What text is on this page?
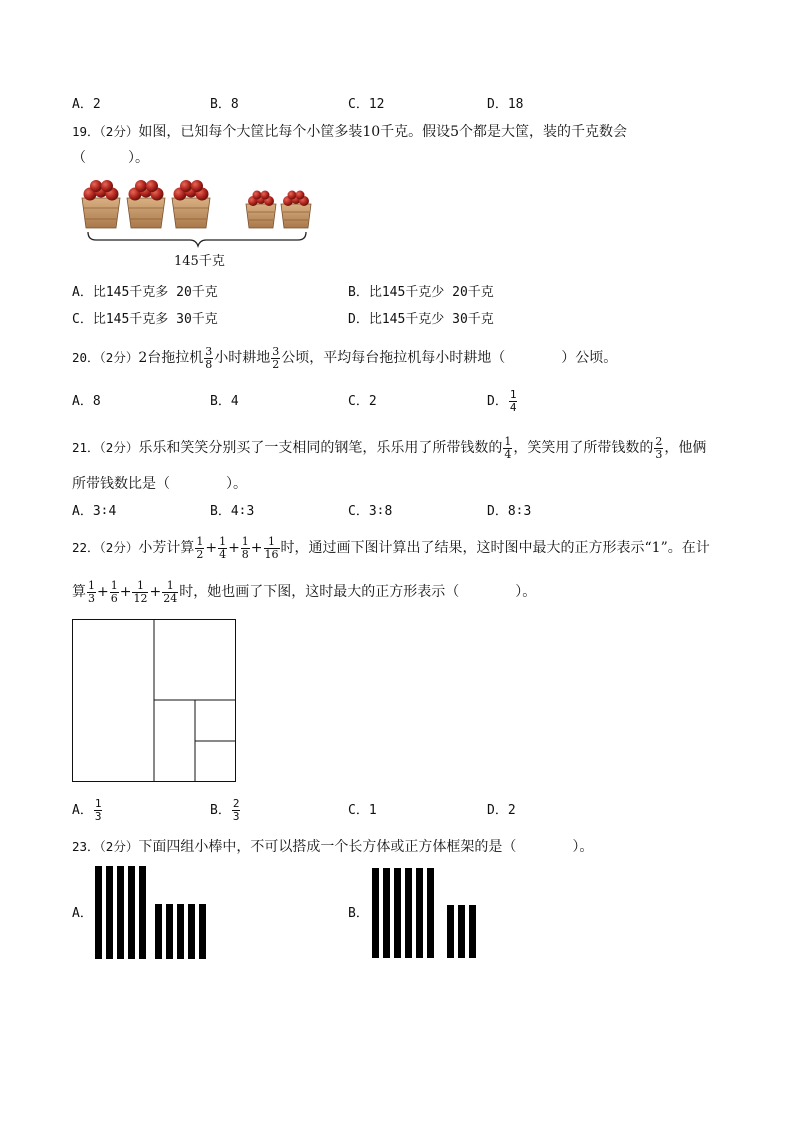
A．2	B．8	C．12	D．18
19．（2分）如图，已知每个大筐比每个小筐多装10千克。假设5个都是大筐，装的千克数会
（　　　）。
145千克
A．比145千克多 20千克	B．比145千克少 20千克
C．比145千克多 30千克	D．比145千克少 30千克
20．（2分）2台拖拉机 $\frac{3}{8}$ 小时耕地 $\frac{3}{2}$ 公顷，平均每台拖拉机每小时耕地（　　　　）公顷。
A．8	B．4	C．2	D． $\frac{1}{4}$
21．（2分）乐乐和笑笑分别买了一支相同的钢笔，乐乐用了所带钱数的 $\frac{1}{4}$ ，笑笑用了所带钱数的 $\frac{2}{3}$ ，他俩
所带钱数比是（　　　　）。
A．3∶4	B．4∶3	C．3∶8	D．8∶3
22．（2分）小芳计算 $\frac{1}{2} + \frac{1}{4} + \frac{1}{8} + \frac{1}{16}$ 时，通过画下图计算出了结果，这时图中最大的正方形表示“1”。在计
算 $\frac{1}{3} + \frac{1}{6} + \frac{1}{12} + \frac{1}{24}$ 时，她也画了下图，这时最大的正方形表示（　　　　）。
A． $\frac{1}{3}$	B． $\frac{2}{3}$	C．1	D．2
23．（2分）下面四组小棒中，不可以搭成一个长方体或正方体框架的是（　　　　）。
A．	B．
